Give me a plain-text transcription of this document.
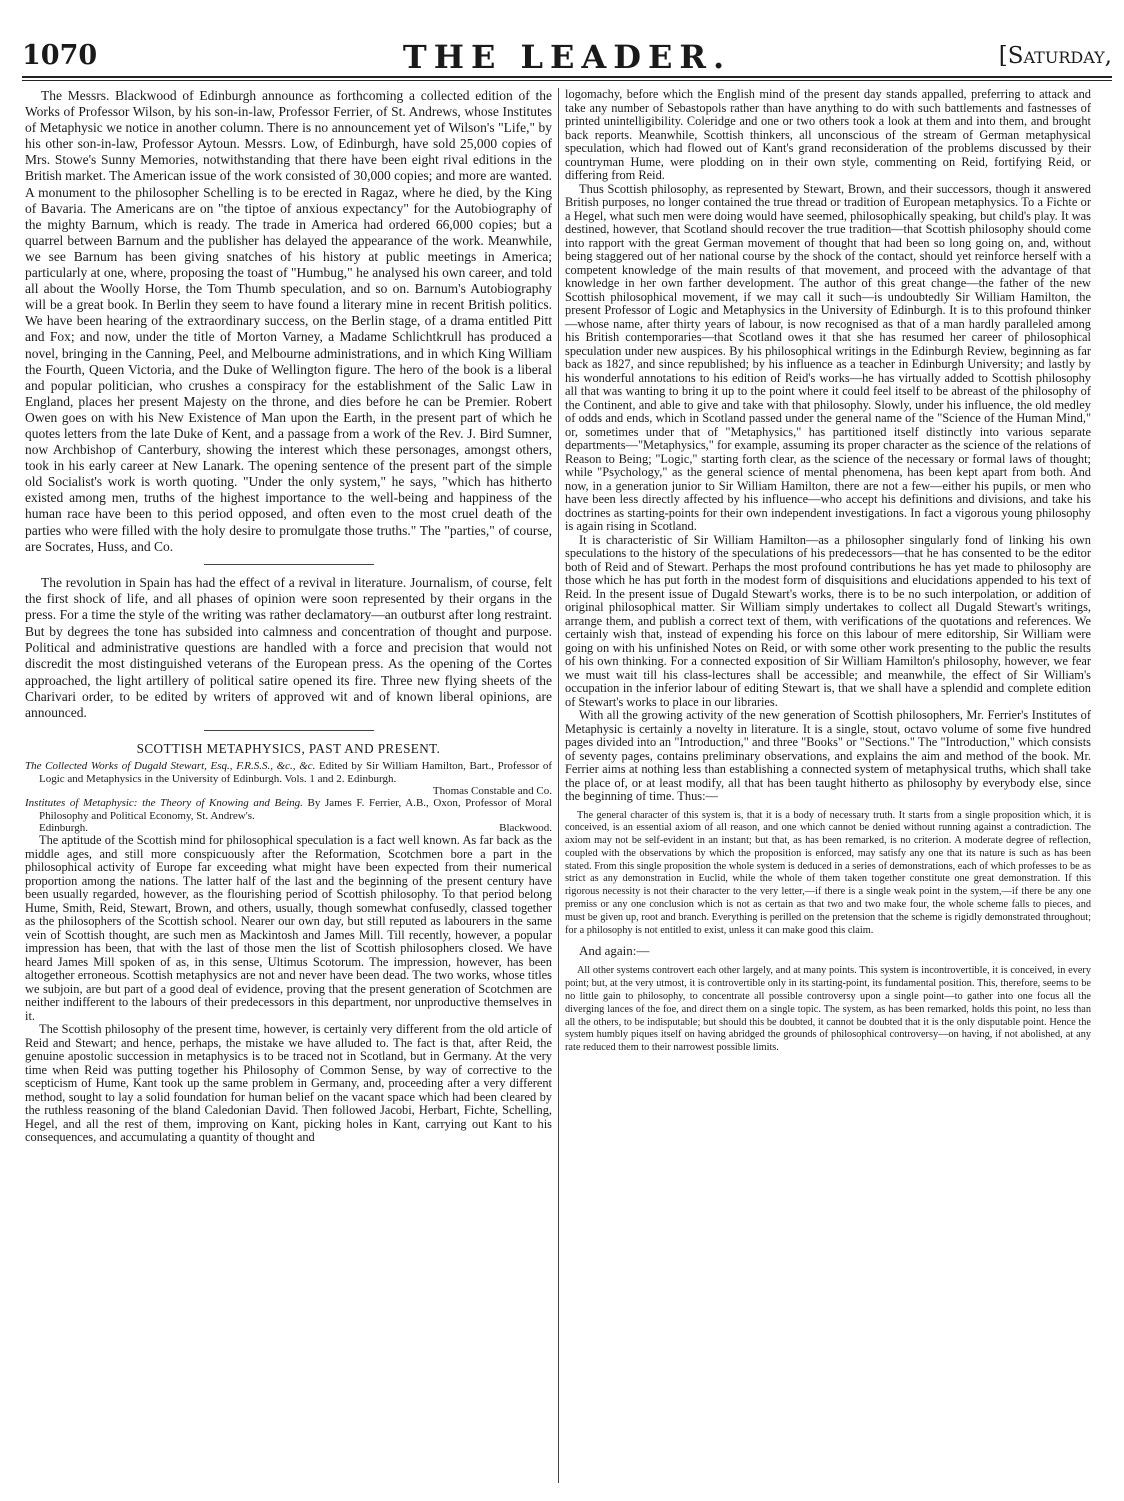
1070	THE LEADER.	[Saturday,

The Messrs. Blackwood of Edinburgh announce as forthcoming a collected edition of the Works of Professor Wilson, by his son-in-law, Professor Ferrier, of St. Andrews, whose Institutes of Metaphysic we notice in another column. There is no announcement yet of Wilson's "Life," by his other son-in-law, Professor Aytoun. Messrs. Low, of Edinburgh, have sold 25,000 copies of Mrs. Stowe's Sunny Memories, notwithstanding that there have been eight rival editions in the British market. The American issue of the work consisted of 30,000 copies; and more are wanted. A monument to the philosopher Schelling is to be erected in Ragaz, where he died, by the King of Bavaria. The Americans are on "the tiptoe of anxious expectancy" for the Autobiography of the mighty Barnum, which is ready. The trade in America had ordered 66,000 copies; but a quarrel between Barnum and the publisher has delayed the appearance of the work. Meanwhile, we see Barnum has been giving snatches of his history at public meetings in America; particularly at one, where, proposing the toast of "Humbug," he analysed his own career, and told all about the Woolly Horse, the Tom Thumb speculation, and so on. Barnum's Autobiography will be a great book. In Berlin they seem to have found a literary mine in recent British politics. We have been hearing of the extraordinary success, on the Berlin stage, of a drama entitled Pitt and Fox; and now, under the title of Morton Varney, a Madame Schlichtkrull has produced a novel, bringing in the Canning, Peel, and Melbourne administrations, and in which King William the Fourth, Queen Victoria, and the Duke of Wellington figure. The hero of the book is a liberal and popular politician, who crushes a conspiracy for the establishment of the Salic Law in England, places her present Majesty on the throne, and dies before he can be Premier. Robert Owen goes on with his New Existence of Man upon the Earth, in the present part of which he quotes letters from the late Duke of Kent, and a passage from a work of the Rev. J. Bird Sumner, now Archbishop of Canterbury, showing the interest which these personages, amongst others, took in his early career at New Lanark. The opening sentence of the present part of the simple old Socialist's work is worth quoting. "Under the only system," he says, "which has hitherto existed among men, truths of the highest importance to the well-being and happiness of the human race have been to this period opposed, and often even to the most cruel death of the parties who were filled with the holy desire to promulgate those truths." The "parties," of course, are Socrates, Huss, and Co.

The revolution in Spain has had the effect of a revival in literature. Journalism, of course, felt the first shock of life, and all phases of opinion were soon represented by their organs in the press. For a time the style of the writing was rather declamatory—an outburst after long restraint. But by degrees the tone has subsided into calmness and concentration of thought and purpose. Political and administrative questions are handled with a force and precision that would not discredit the most distinguished veterans of the European press. As the opening of the Cortes approached, the light artillery of political satire opened its fire. Three new flying sheets of the Charivari order, to be edited by writers of approved wit and of known liberal opinions, are announced.

SCOTTISH METAPHYSICS, PAST AND PRESENT.

The Collected Works of Dugald Stewart, Esq., F.R.S.S., &c., &c. Edited by Sir William Hamilton, Bart., Professor of Logic and Metaphysics in the University of Edinburgh. Vols. 1 and 2. Edinburgh.

Thomas Constable and Co.

Institutes of Metaphysic: the Theory of Knowing and Being. By James F. Ferrier, A.B., Oxon, Professor of Moral Philosophy and Political Economy, St. Andrew's.

Edinburgh.	Blackwood.

The aptitude of the Scottish mind for philosophical speculation is a fact well known. As far back as the middle ages, and still more conspicuously after the Reformation, Scotchmen bore a part in the philosophical activity of Europe far exceeding what might have been expected from their numerical proportion among the nations. The latter half of the last and the beginning of the present century have been usually regarded, however, as the flourishing period of Scottish philosophy. To that period belong Hume, Smith, Reid, Stewart, Brown, and others, usually, though somewhat confusedly, classed together as the philosophers of the Scottish school. Nearer our own day, but still reputed as labourers in the same vein of Scottish thought, are such men as Mackintosh and James Mill. Till recently, however, a popular impression has been, that with the last of those men the list of Scottish philosophers closed. We have heard James Mill spoken of as, in this sense, Ultimus Scotorum. The impression, however, has been altogether erroneous. Scottish metaphysics are not and never have been dead. The two works, whose titles we subjoin, are but part of a good deal of evidence, proving that the present generation of Scotchmen are neither indifferent to the labours of their predecessors in this department, nor unproductive themselves in it.

The Scottish philosophy of the present time, however, is certainly very different from the old article of Reid and Stewart; and hence, perhaps, the mistake we have alluded to. The fact is that, after Reid, the genuine apostolic succession in metaphysics is to be traced not in Scotland, but in Germany. At the very time when Reid was putting together his Philosophy of Common Sense, by way of corrective to the scepticism of Hume, Kant took up the same problem in Germany, and, proceeding after a very different method, sought to lay a solid foundation for human belief on the vacant space which had been cleared by the ruthless reasoning of the bland Caledonian David. Then followed Jacobi, Herbart, Fichte, Schelling, Hegel, and all the rest of them, improving on Kant, picking holes in Kant, carrying out Kant to his consequences, and accumulating a quantity of thought and

logomachy, before which the English mind of the present day stands appalled, preferring to attack and take any number of Sebastopols rather than have anything to do with such battlements and fastnesses of printed unintelligibility. Coleridge and one or two others took a look at them and into them, and brought back reports. Meanwhile, Scottish thinkers, all unconscious of the stream of German metaphysical speculation, which had flowed out of Kant's grand reconsideration of the problems discussed by their countryman Hume, were plodding on in their own style, commenting on Reid, fortifying Reid, or differing from Reid.

Thus Scottish philosophy, as represented by Stewart, Brown, and their successors, though it answered British purposes, no longer contained the true thread or tradition of European metaphysics. To a Fichte or a Hegel, what such men were doing would have seemed, philosophically speaking, but child's play. It was destined, however, that Scotland should recover the true tradition—that Scottish philosophy should come into rapport with the great German movement of thought that had been so long going on, and, without being staggered out of her national course by the shock of the contact, should yet reinforce herself with a competent knowledge of the main results of that movement, and proceed with the advantage of that knowledge in her own farther development. The author of this great change—the father of the new Scottish philosophical movement, if we may call it such—is undoubtedly Sir William Hamilton, the present Professor of Logic and Metaphysics in the University of Edinburgh. It is to this profound thinker—whose name, after thirty years of labour, is now recognised as that of a man hardly paralleled among his British contemporaries—that Scotland owes it that she has resumed her career of philosophical speculation under new auspices. By his philosophical writings in the Edinburgh Review, beginning as far back as 1827, and since republished; by his influence as a teacher in Edinburgh University; and lastly by his wonderful annotations to his edition of Reid's works—he has virtually added to Scottish philosophy all that was wanting to bring it up to the point where it could feel itself to be abreast of the philosophy of the Continent, and able to give and take with that philosophy. Slowly, under his influence, the old medley of odds and ends, which in Scotland passed under the general name of the "Science of the Human Mind," or, sometimes under that of "Metaphysics," has partitioned itself distinctly into various separate departments—"Metaphysics," for example, assuming its proper character as the science of the relations of Reason to Being; "Logic," starting forth clear, as the science of the necessary or formal laws of thought; while "Psychology," as the general science of mental phenomena, has been kept apart from both. And now, in a generation junior to Sir William Hamilton, there are not a few—either his pupils, or men who have been less directly affected by his influence—who accept his definitions and divisions, and take his doctrines as starting-points for their own independent investigations. In fact a vigorous young philosophy is again rising in Scotland.

It is characteristic of Sir William Hamilton—as a philosopher singularly fond of linking his own speculations to the history of the speculations of his predecessors—that he has consented to be the editor both of Reid and of Stewart. Perhaps the most profound contributions he has yet made to philosophy are those which he has put forth in the modest form of disquisitions and elucidations appended to his text of Reid. In the present issue of Dugald Stewart's works, there is to be no such interpolation, or addition of original philosophical matter. Sir William simply undertakes to collect all Dugald Stewart's writings, arrange them, and publish a correct text of them, with verifications of the quotations and references. We certainly wish that, instead of expending his force on this labour of mere editorship, Sir William were going on with his unfinished Notes on Reid, or with some other work presenting to the public the results of his own thinking. For a connected exposition of Sir William Hamilton's philosophy, however, we fear we must wait till his class-lectures shall be accessible; and meanwhile, the effect of Sir William's occupation in the inferior labour of editing Stewart is, that we shall have a splendid and complete edition of Stewart's works to place in our libraries.

With all the growing activity of the new generation of Scottish philosophers, Mr. Ferrier's Institutes of Metaphysic is certainly a novelty in literature. It is a single, stout, octavo volume of some five hundred pages divided into an "Introduction," and three "Books" or "Sections." The "Introduction," which consists of seventy pages, contains preliminary observations, and explains the aim and method of the book. Mr. Ferrier aims at nothing less than establishing a connected system of metaphysical truths, which shall take the place of, or at least modify, all that has been taught hitherto as philosophy by everybody else, since the beginning of time. Thus:—

The general character of this system is, that it is a body of necessary truth. It starts from a single proposition which, it is conceived, is an essential axiom of all reason, and one which cannot be denied without running against a contradiction. The axiom may not be self-evident in an instant; but that, as has been remarked, is no criterion. A moderate degree of reflection, coupled with the observations by which the proposition is enforced, may satisfy any one that its nature is such as has been stated. From this single proposition the whole system is deduced in a series of demonstrations, each of which professes to be as strict as any demonstration in Euclid, while the whole of them taken together constitute one great demonstration. If this rigorous necessity is not their character to the very letter,—if there is a single weak point in the system,—if there be any one premiss or any one conclusion which is not as certain as that two and two make four, the whole scheme falls to pieces, and must be given up, root and branch. Everything is perilled on the pretension that the scheme is rigidly demonstrated throughout; for a philosophy is not entitled to exist, unless it can make good this claim.

And again:—

All other systems controvert each other largely, and at many points. This system is incontrovertible, it is conceived, in every point; but, at the very utmost, it is controvertible only in its starting-point, its fundamental position. This, therefore, seems to be no little gain to philosophy, to concentrate all possible controversy upon a single point—to gather into one focus all the diverging lances of the foe, and direct them on a single topic. The system, as has been remarked, holds this point, no less than all the others, to be indisputable; but should this be doubted, it cannot be doubted that it is the only disputable point. Hence the system humbly piques itself on having abridged the grounds of philosophical controversy—on having, if not abolished, at any rate reduced them to their narrowest possible limits.
